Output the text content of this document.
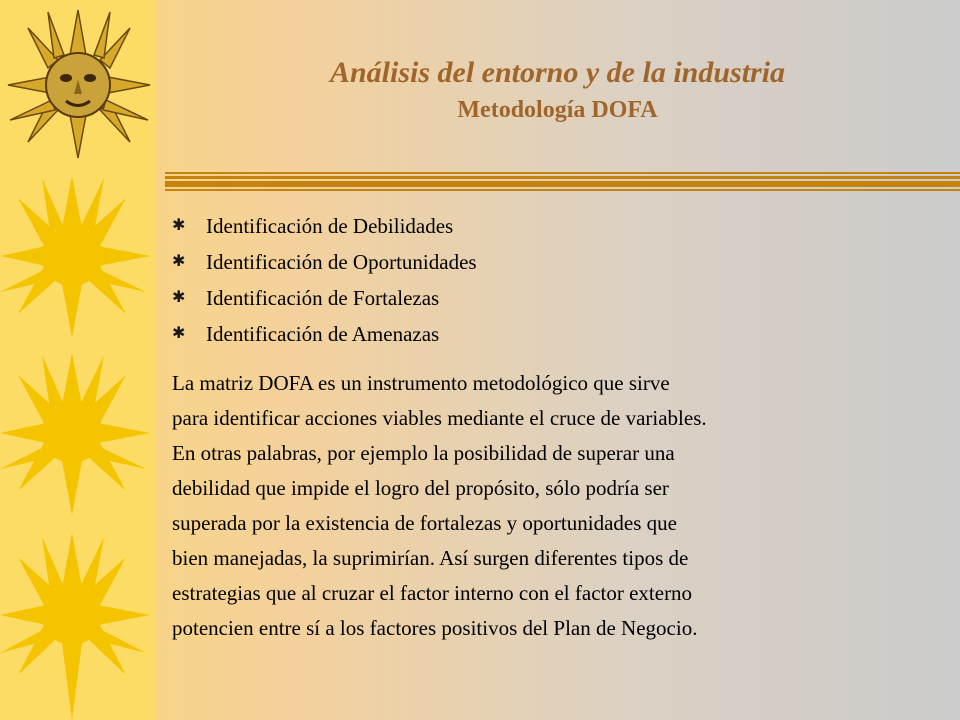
Análisis del entorno y de la industria
Metodología DOFA
✱ Identificación de Debilidades
✱ Identificación de Oportunidades
✱ Identificación de Fortalezas
✱ Identificación de Amenazas

La matriz DOFA es un instrumento metodológico que sirve
para identificar acciones viables mediante el cruce de variables.
En otras palabras, por ejemplo la posibilidad de superar una
debilidad que impide el logro del propósito, sólo podría ser
superada por la existencia de fortalezas y oportunidades que
bien manejadas, la suprimirían. Así surgen diferentes tipos de
estrategias que al cruzar el factor interno con el factor externo
potencien entre sí a los factores positivos del Plan de Negocio.
